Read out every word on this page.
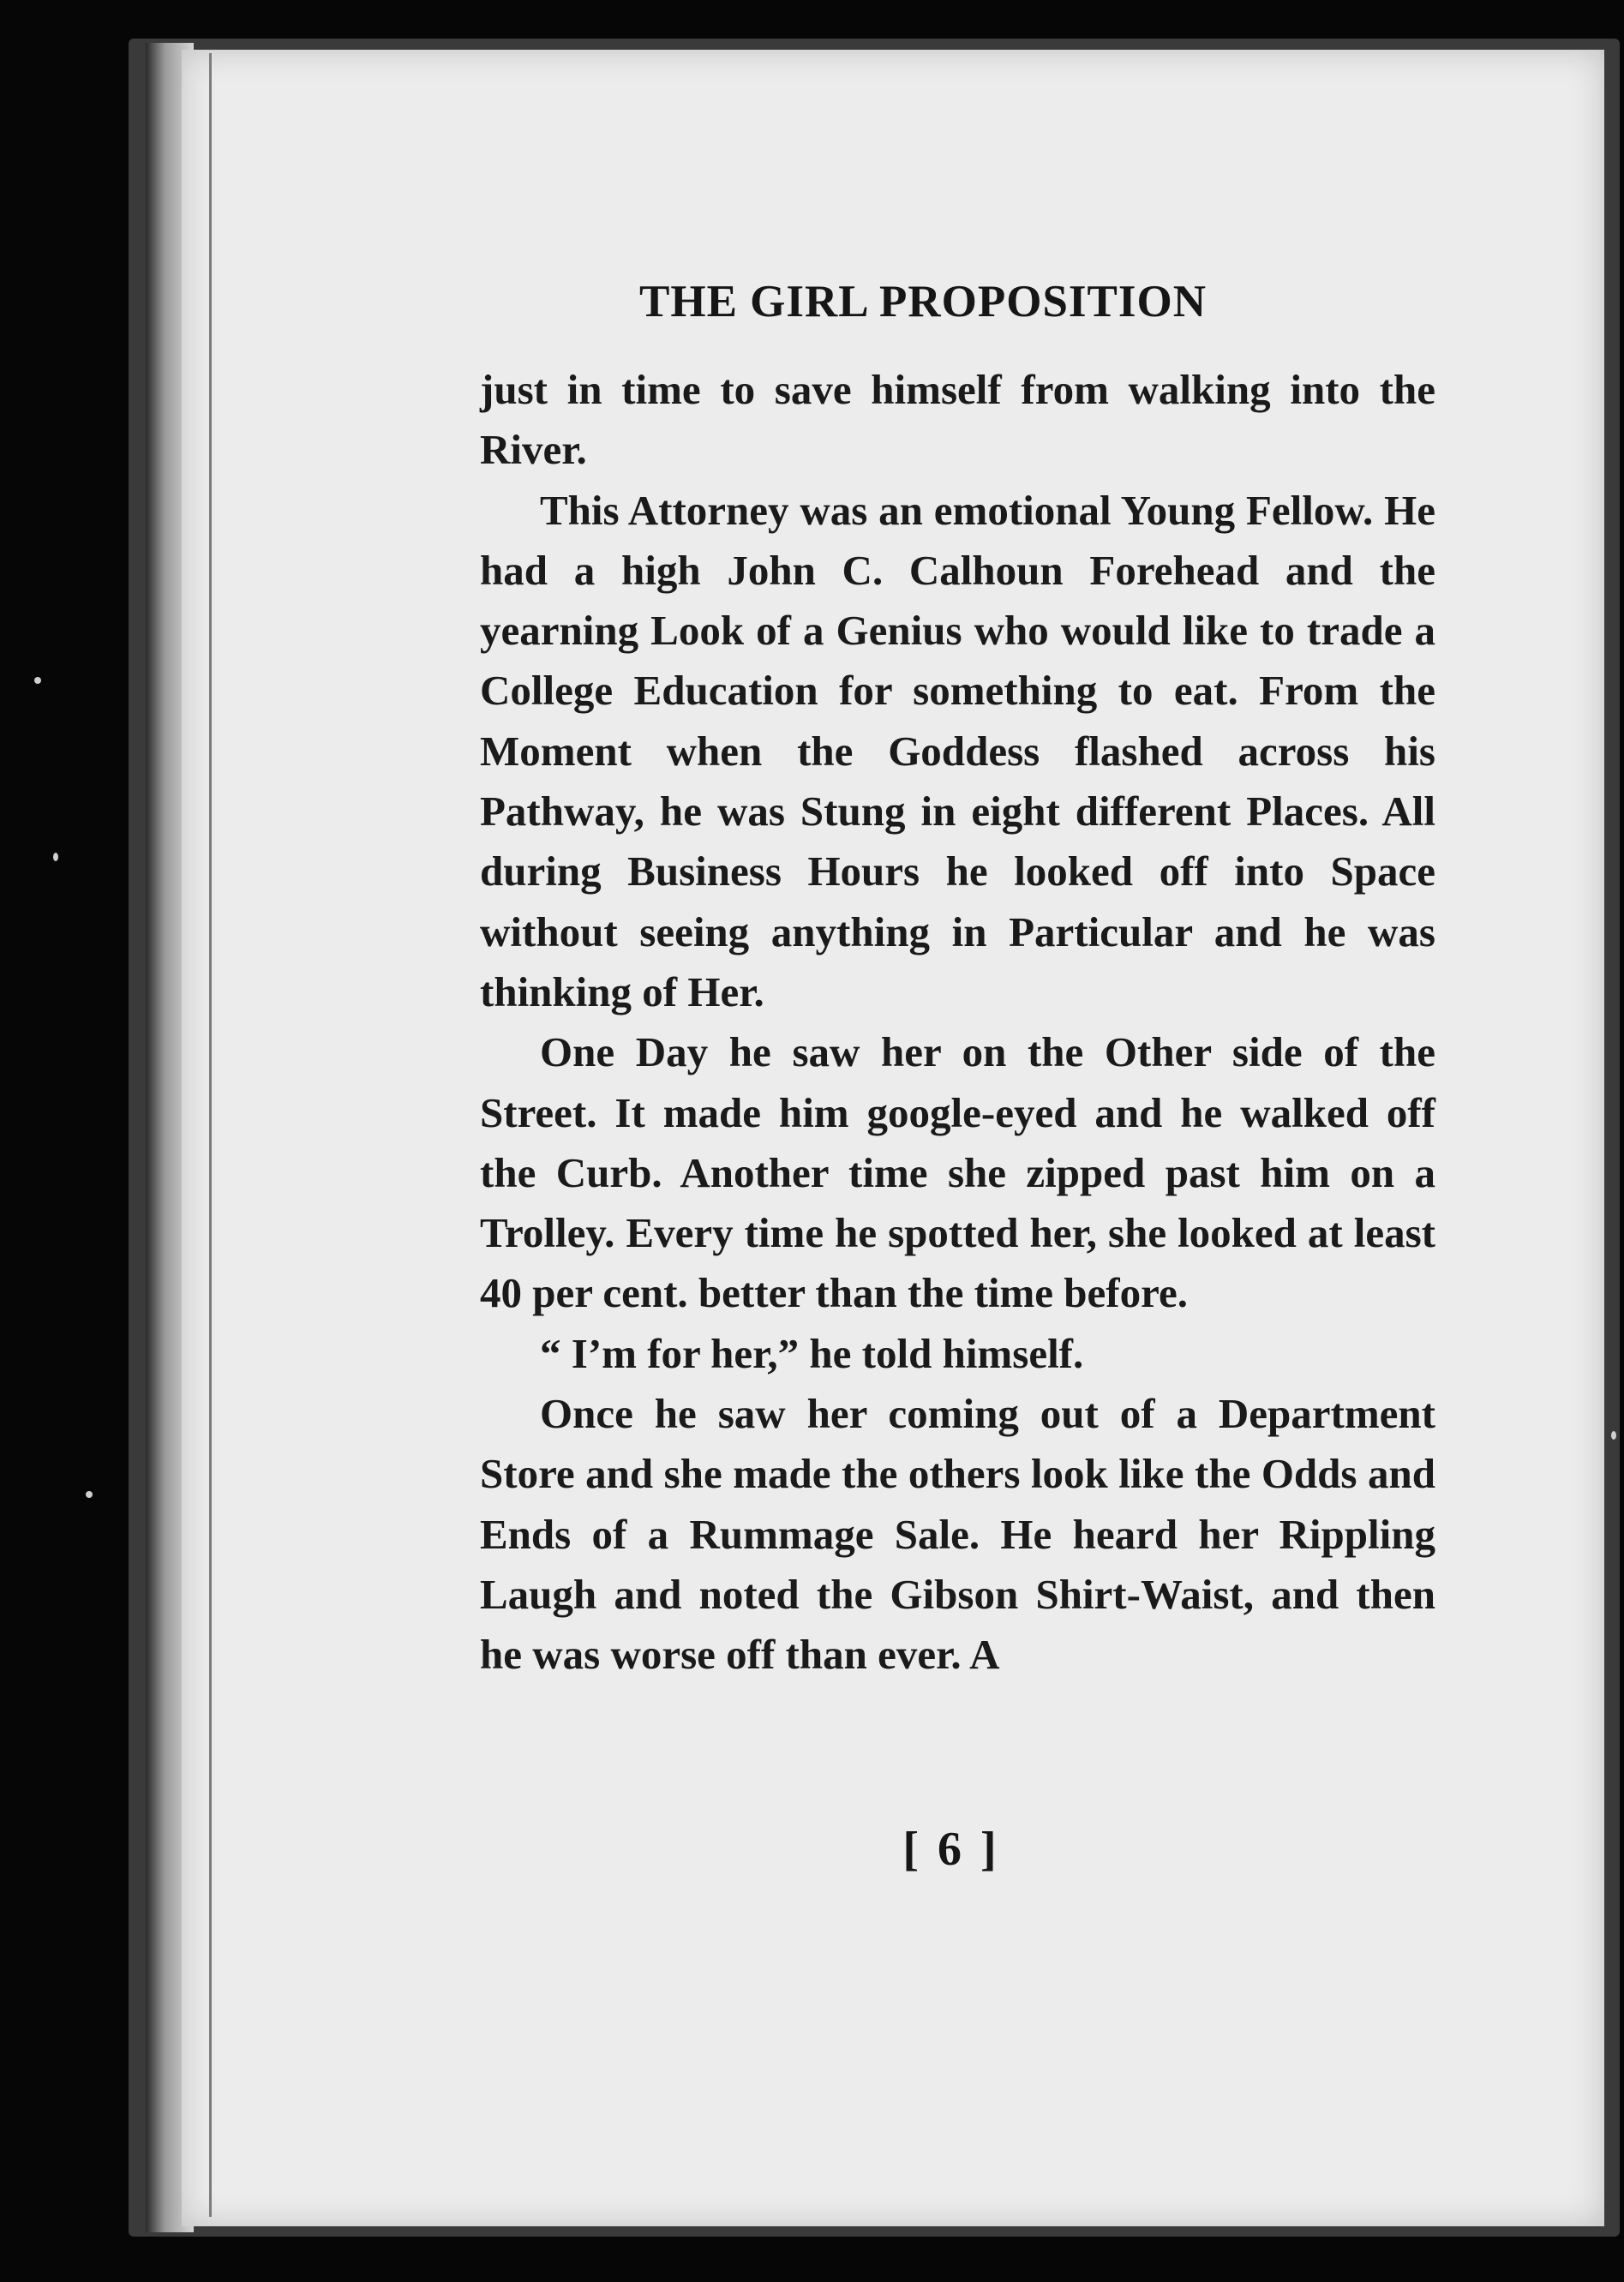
THE GIRL PROPOSITION

just in time to save himself from walking into the River.

This Attorney was an emotional Young Fellow. He had a high John C. Calhoun Forehead and the yearning Look of a Genius who would like to trade a College Education for something to eat. From the Moment when the Goddess flashed across his Pathway, he was Stung in eight different Places. All during Business Hours he looked off into Space without seeing anything in Particular and he was thinking of Her.

One Day he saw her on the Other side of the Street. It made him google-eyed and he walked off the Curb. Another time she zipped past him on a Trolley. Every time he spotted her, she looked at least 40 per cent. better than the time before.

“ I’m for her,” he told himself.

Once he saw her coming out of a Department Store and she made the others look like the Odds and Ends of a Rummage Sale. He heard her Rippling Laugh and noted the Gibson Shirt-Waist, and then he was worse off than ever. A

[ 6 ]
